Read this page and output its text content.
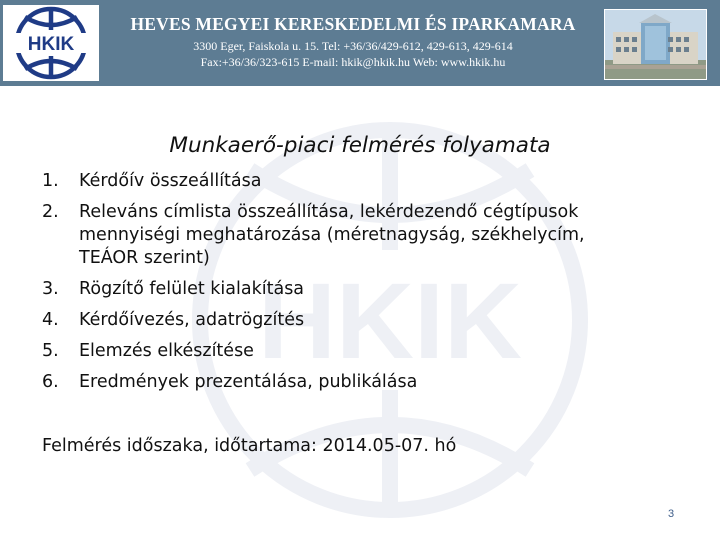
HKIK
HEVES MEGYEI KERESKEDELMI ÉS IPARKAMARA
3300 Eger, Faiskola u. 15. Tel: +36/36/429-612, 429-613, 429-614
Fax:+36/36/323-615 E-mail: hkik@hkik.hu Web: www.hkik.hu
HKIK
Munkaerő-piaci felmérés folyamata
1. Kérdőív összeállítása
2. Releváns címlista összeállítása, lekérdezendő cégtípusok
mennyiségi meghatározása (méretnagyság, székhelycím,
TEÁOR szerint)
3. Rögzítő felület kialakítása
4. Kérdőívezés, adatrögzítés
5. Elemzés elkészítése
6. Eredmények prezentálása, publikálása
Felmérés időszaka, időtartama: 2014.05-07. hó
3
